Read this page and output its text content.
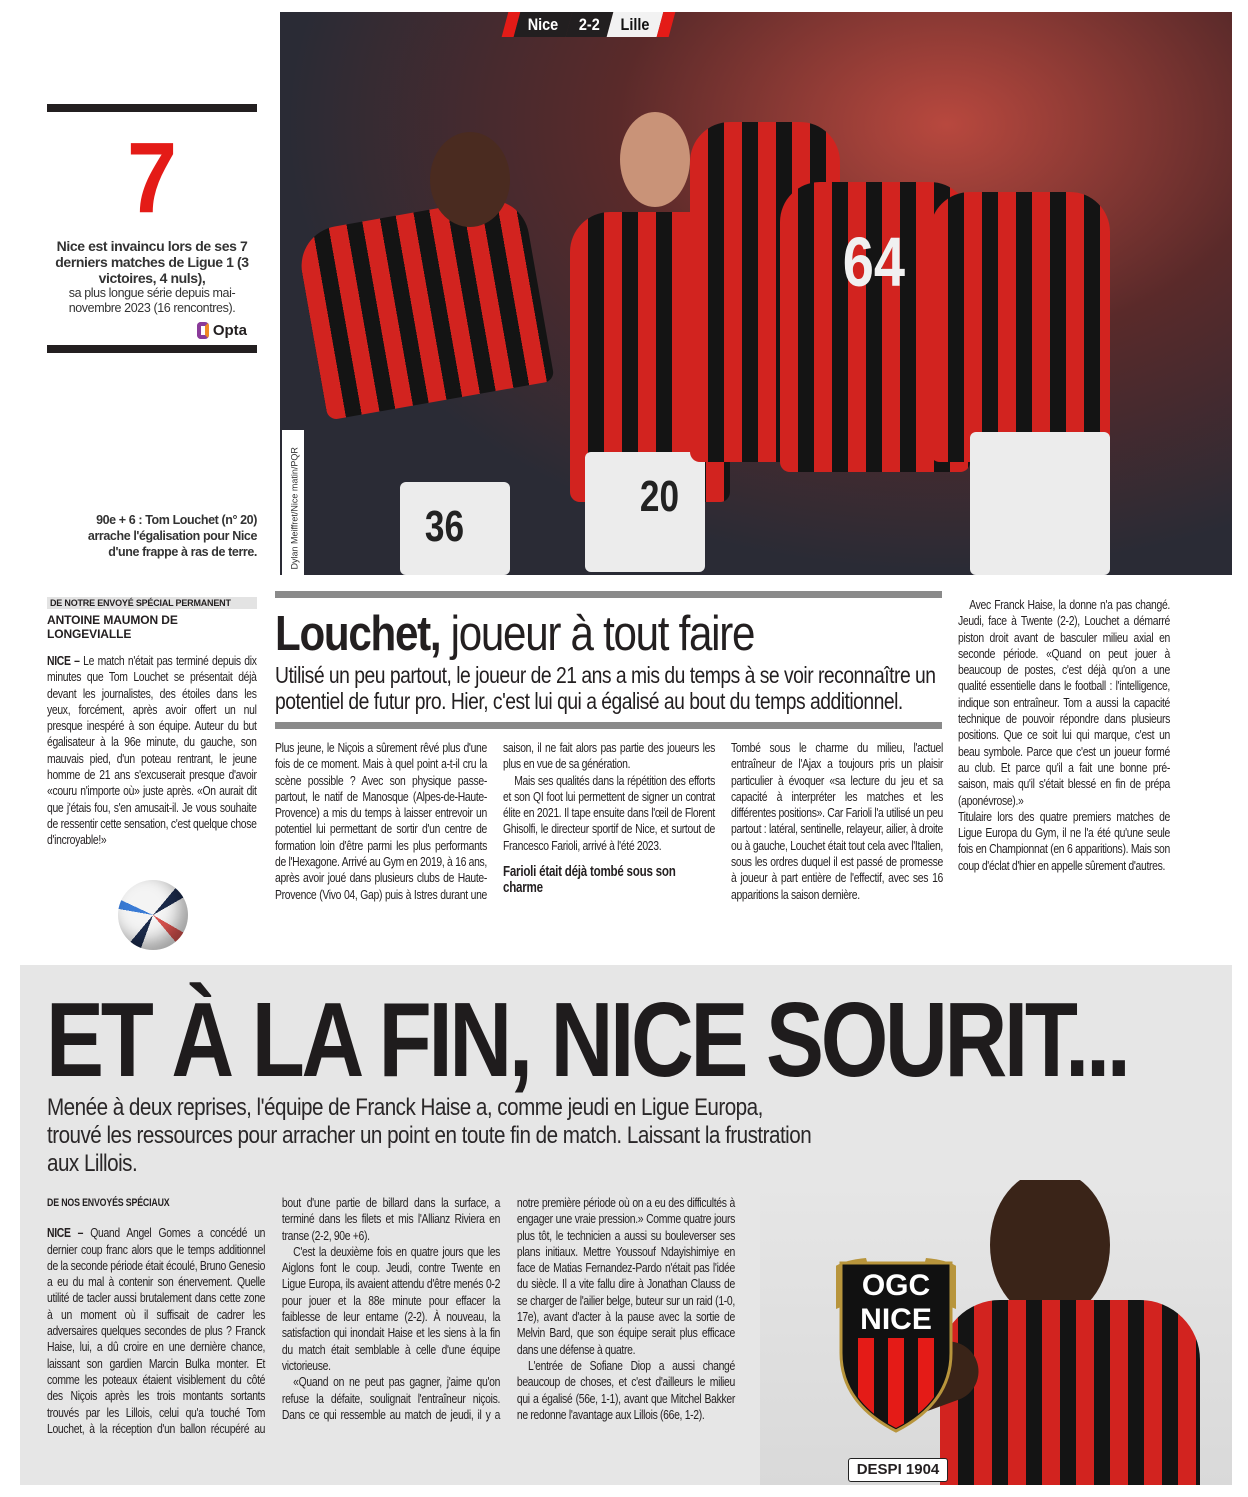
64
20
36
Nice	2-2	Lille
Dylan Meiffret/Nice matin/PQR
7
Nice est invaincu lors de ses 7 derniers matches de Ligue 1 (3 victoires, 4 nuls),
sa plus longue série depuis mai-novembre 2023 (16 rencontres).
Opta
90e + 6 : Tom Louchet (n° 20) arrache l'égalisation pour Nice d'une frappe à ras de terre.
DE NOTRE ENVOYÉ SPÉCIAL PERMANENT
ANTOINE MAUMON DE LONGEVIALLE

NICE – Le match n'était pas terminé depuis dix minutes que Tom Louchet se présentait déjà devant les journalistes, des étoiles dans les yeux, forcément, après avoir offert un nul presque inespéré à son équipe. Auteur du but égalisateur à la 96e minute, du gauche, son mauvais pied, d'un poteau rentrant, le jeune homme de 21 ans s'excuserait presque d'avoir «couru n'importe où» juste après. «On aurait dit que j'étais fou, s'en amusait-il. Je vous souhaite de ressentir cette sensation, c'est quelque chose d'incroyable!»

Louchet, joueur à tout faire
Utilisé un peu partout, le joueur de 21 ans a mis du temps à se voir reconnaître un potentiel de futur pro. Hier, c'est lui qui a égalisé au bout du temps additionnel.

Plus jeune, le Niçois a sûrement rêvé plus d'une fois de ce moment. Mais à quel point a-t-il cru la scène possible ? Avec son physique passe-partout, le natif de Manosque (Alpes-de-Haute-Provence) a mis du temps à laisser entrevoir un potentiel lui permettant de sortir d'un centre de formation loin d'être parmi les plus performants de l'Hexagone. Arrivé au Gym en 2019, à 16 ans, après avoir joué dans plusieurs clubs de Haute-Provence (Vivo 04, Gap) puis à Istres durant une saison, il ne fait alors pas partie des joueurs les plus en vue de sa génération.

Mais ses qualités dans la répétition des efforts et son QI foot lui permettent de signer un contrat élite en 2021. Il tape ensuite dans l'œil de Florent Ghisolfi, le directeur sportif de Nice, et surtout de Francesco Farioli, arrivé à l'été 2023.

Farioli était déjà tombé sous son charme

Tombé sous le charme du milieu, l'actuel entraîneur de l'Ajax a toujours pris un plaisir particulier à évoquer «sa lecture du jeu et sa capacité à interpréter les matches et les différentes positions». Car Farioli l'a utilisé un peu partout : latéral, sentinelle, relayeur, ailier, à droite ou à gauche, Louchet était tout cela avec l'Italien, sous les ordres duquel il est passé de promesse à joueur à part entière de l'effectif, avec ses 16 apparitions la saison dernière.

Avec Franck Haise, la donne n'a pas changé. Jeudi, face à Twente (2-2), Louchet a démarré piston droit avant de basculer milieu axial en seconde période. «Quand on peut jouer à beaucoup de postes, c'est déjà qu'on a une qualité essentielle dans le football : l'intelligence, indique son entraîneur. Tom a aussi la capacité technique de pouvoir répondre dans plusieurs positions. Que ce soit lui qui marque, c'est un beau symbole. Parce que c'est un joueur formé au club. Et parce qu'il a fait une bonne pré-saison, mais qu'il s'était blessé en fin de prépa (aponévrose).»

Titulaire lors des quatre premiers matches de Ligue Europa du Gym, il ne l'a été qu'une seule fois en Championnat (en 6 apparitions). Mais son coup d'éclat d'hier en appelle sûrement d'autres.

ET À LA FIN, NICE SOURIT...
Menée à deux reprises, l'équipe de Franck Haise a, comme jeudi en Ligue Europa, trouvé les ressources pour arracher un point en toute fin de match. Laissant la frustration aux Lillois.
DE NOS ENVOYÉS SPÉCIAUX

NICE – Quand Angel Gomes a concédé un dernier coup franc alors que le temps additionnel de la seconde période était écoulé, Bruno Genesio a eu du mal à contenir son énervement. Quelle utilité de tacler aussi brutalement dans cette zone à un moment où il suffisait de cadrer les adversaires quelques secondes de plus ? Franck Haise, lui, a dû croire en une dernière chance, laissant son gardien Marcin Bulka monter. Et comme les poteaux étaient visiblement du côté des Niçois après les trois montants sortants trouvés par les Lillois, celui qu'a touché Tom Louchet, à la réception d'un ballon récupéré au bout d'une partie de billard dans la surface, a terminé dans les filets et mis l'Allianz Riviera en transe (2-2, 90e +6).

C'est la deuxième fois en quatre jours que les Aiglons font le coup. Jeudi, contre Twente en Ligue Europa, ils avaient attendu d'être menés 0-2 pour jouer et la 88e minute pour effacer la faiblesse de leur entame (2-2). À nouveau, la satisfaction qui inondait Haise et les siens à la fin du match était semblable à celle d'une équipe victorieuse.

«Quand on ne peut pas gagner, j'aime qu'on refuse la défaite, soulignait l'entraîneur niçois. Dans ce qui ressemble au match de jeudi, il y a notre première période où on a eu des difficultés à engager une vraie pression.» Comme quatre jours plus tôt, le technicien a aussi su bouleverser ses plans initiaux. Mettre Youssouf Ndayishimiye en face de Matias Fernandez-Pardo n'était pas l'idée du siècle. Il a vite fallu dire à Jonathan Clauss de se charger de l'ailier belge, buteur sur un raid (1-0, 17e), avant d'acter à la pause avec la sortie de Melvin Bard, que son équipe serait plus efficace dans une défense à quatre.

L'entrée de Sofiane Diop a aussi changé beaucoup de choses, et c'est d'ailleurs le milieu qui a égalisé (56e, 1-1), avant que Mitchel Bakker ne redonne l'avantage aux Lillois (66e, 1-2).

OGC
NICE
DESPI 1904
